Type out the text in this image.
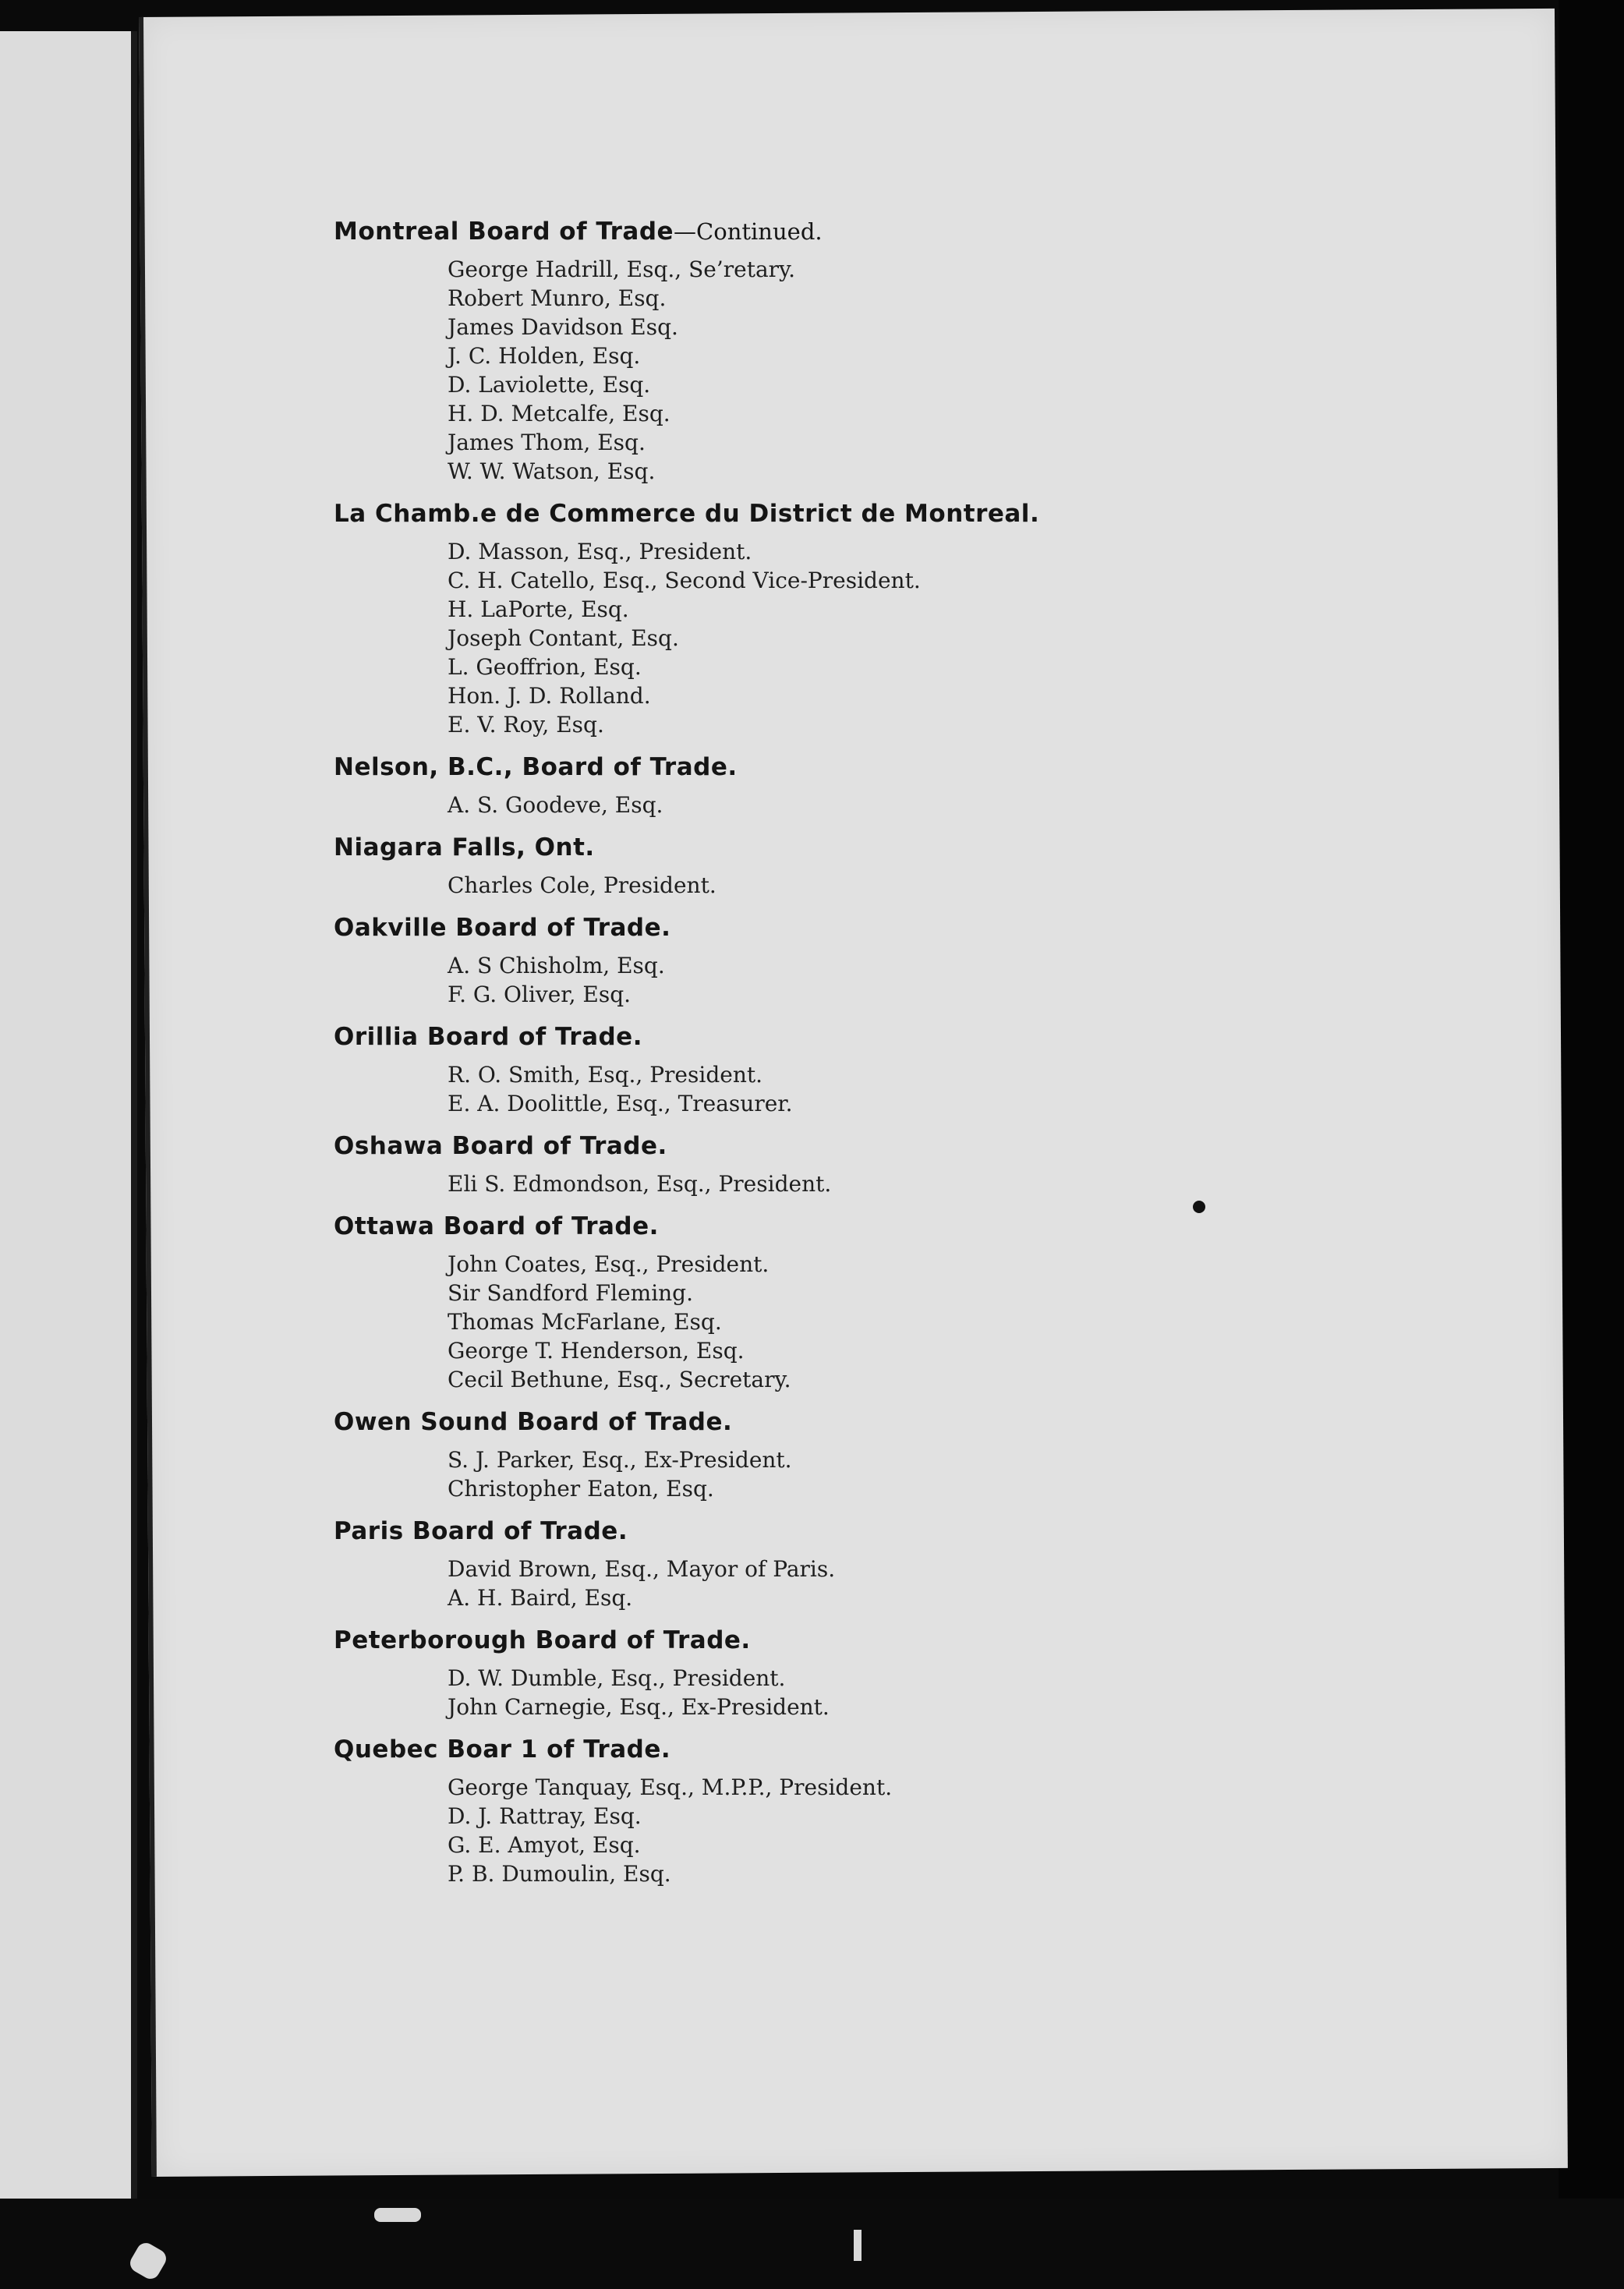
Montreal Board of Trade—Continued.
George Hadrill, Esq., Se’retary.
Robert Munro, Esq.
James Davidson Esq.
J. C. Holden, Esq.
D. Laviolette, Esq.
H. D. Metcalfe, Esq.
James Thom, Esq.
W. W. Watson, Esq.
La Chamb.e de Commerce du District de Montreal.
D. Masson, Esq., President.
C. H. Catello, Esq., Second Vice-President.
H. LaPorte, Esq.
Joseph Contant, Esq.
L. Geoffrion, Esq.
Hon. J. D. Rolland.
E. V. Roy, Esq.
Nelson, B.C., Board of Trade.
A. S. Goodeve, Esq.
Niagara Falls, Ont.
Charles Cole, President.
Oakville Board of Trade.
A. S Chisholm, Esq.
F. G. Oliver, Esq.
Orillia Board of Trade.
R. O. Smith, Esq., President.
E. A. Doolittle, Esq., Treasurer.
Oshawa Board of Trade.
Eli S. Edmondson, Esq., President.
Ottawa Board of Trade.
John Coates, Esq., President.
Sir Sandford Fleming.
Thomas McFarlane, Esq.
George T. Henderson, Esq.
Cecil Bethune, Esq., Secretary.
Owen Sound Board of Trade.
S. J. Parker, Esq., Ex-President.
Christopher Eaton, Esq.
Paris Board of Trade.
David Brown, Esq., Mayor of Paris.
A. H. Baird, Esq.
Peterborough Board of Trade.
D. W. Dumble, Esq., President.
John Carnegie, Esq., Ex-President.
Quebec Boar 1 of Trade.
George Tanquay, Esq., M.P.P., President.
D. J. Rattray, Esq.
G. E. Amyot, Esq.
P. B. Dumoulin, Esq.
